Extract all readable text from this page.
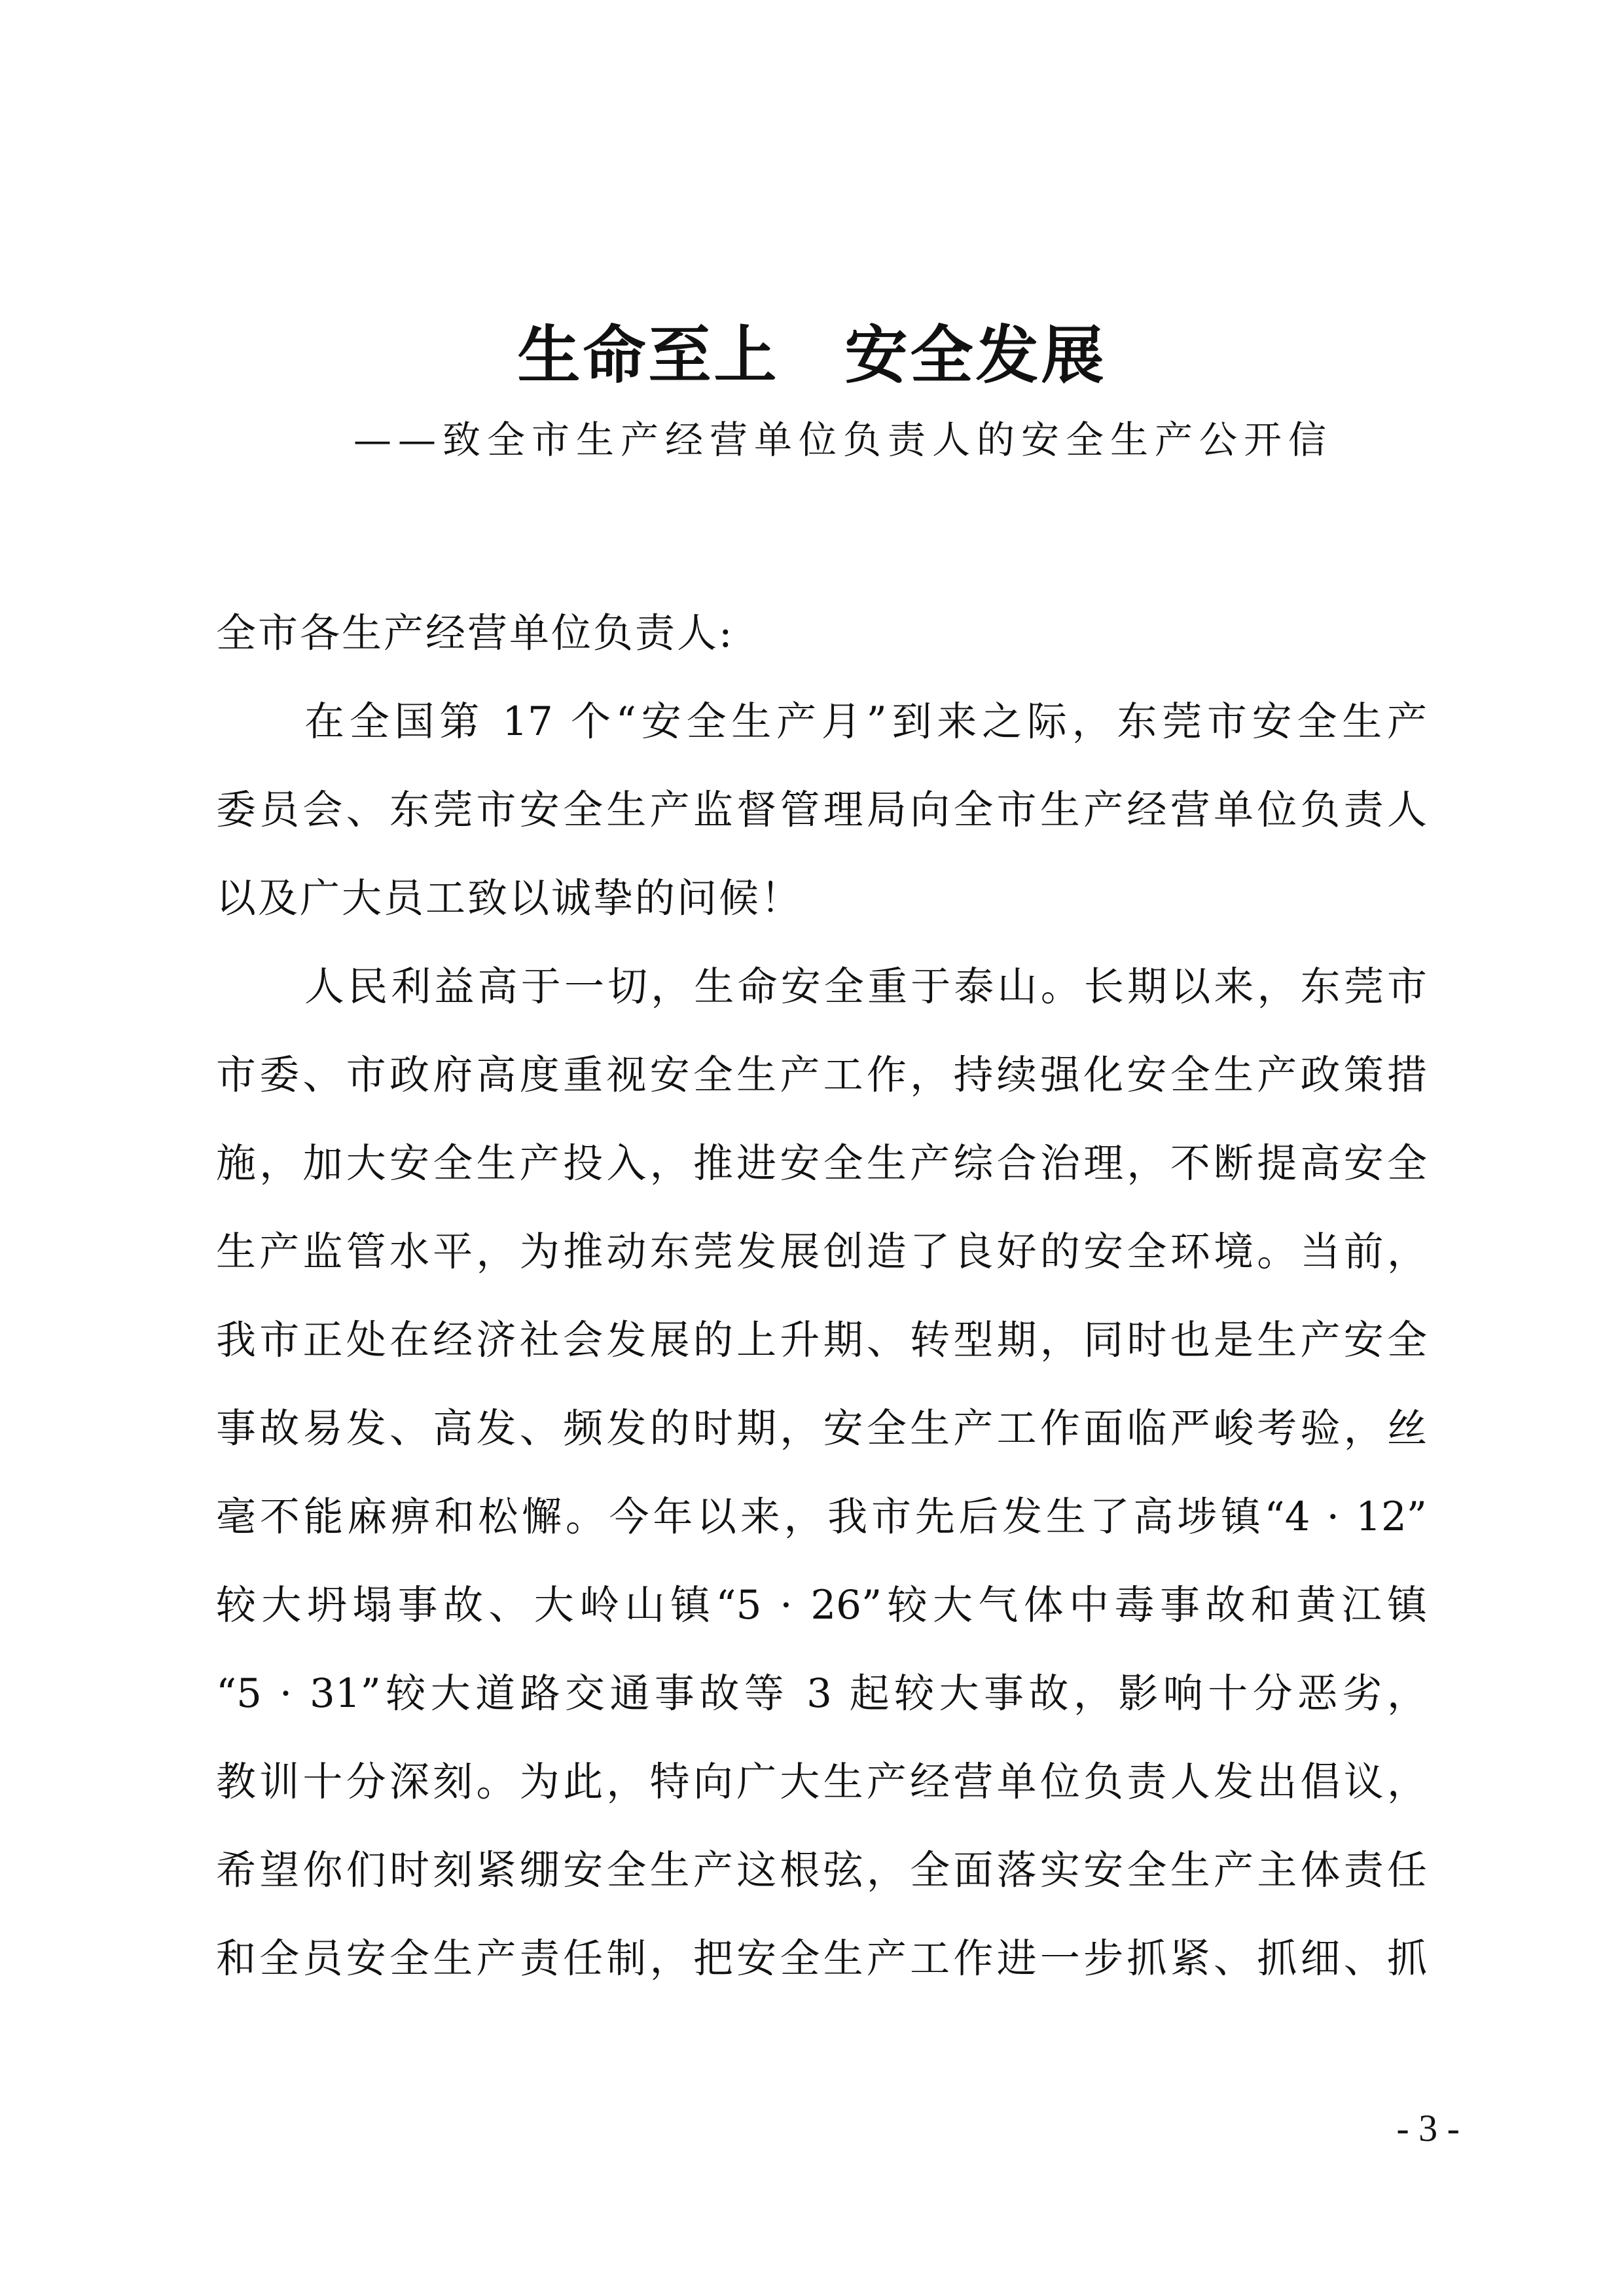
生命至上　安全发展
——致全市生产经营单位负责人的安全生产公开信

全市各生产经营单位负责人:

在全国第 17 个“安全生产月”到来之际，东莞市安全生产

委员会、东莞市安全生产监督管理局向全市生产经营单位负责人

以及广大员工致以诚挚的问候！

人民利益高于一切，生命安全重于泰山。长期以来，东莞市

市委、市政府高度重视安全生产工作，持续强化安全生产政策措

施，加大安全生产投入，推进安全生产综合治理，不断提高安全

生产监管水平，为推动东莞发展创造了良好的安全环境。当前，

我市正处在经济社会发展的上升期、转型期，同时也是生产安全

事故易发、高发、频发的时期，安全生产工作面临严峻考验，丝

毫不能麻痹和松懈。今年以来，我市先后发生了高埗镇“4 · 12”

较大坍塌事故、大岭山镇“5 · 26”较大气体中毒事故和黄江镇

“5 · 31”较大道路交通事故等 3 起较大事故，影响十分恶劣，

教训十分深刻。为此，特向广大生产经营单位负责人发出倡议，

希望你们时刻紧绷安全生产这根弦，全面落实安全生产主体责任

和全员安全生产责任制，把安全生产工作进一步抓紧、抓细、抓

- 3 -
